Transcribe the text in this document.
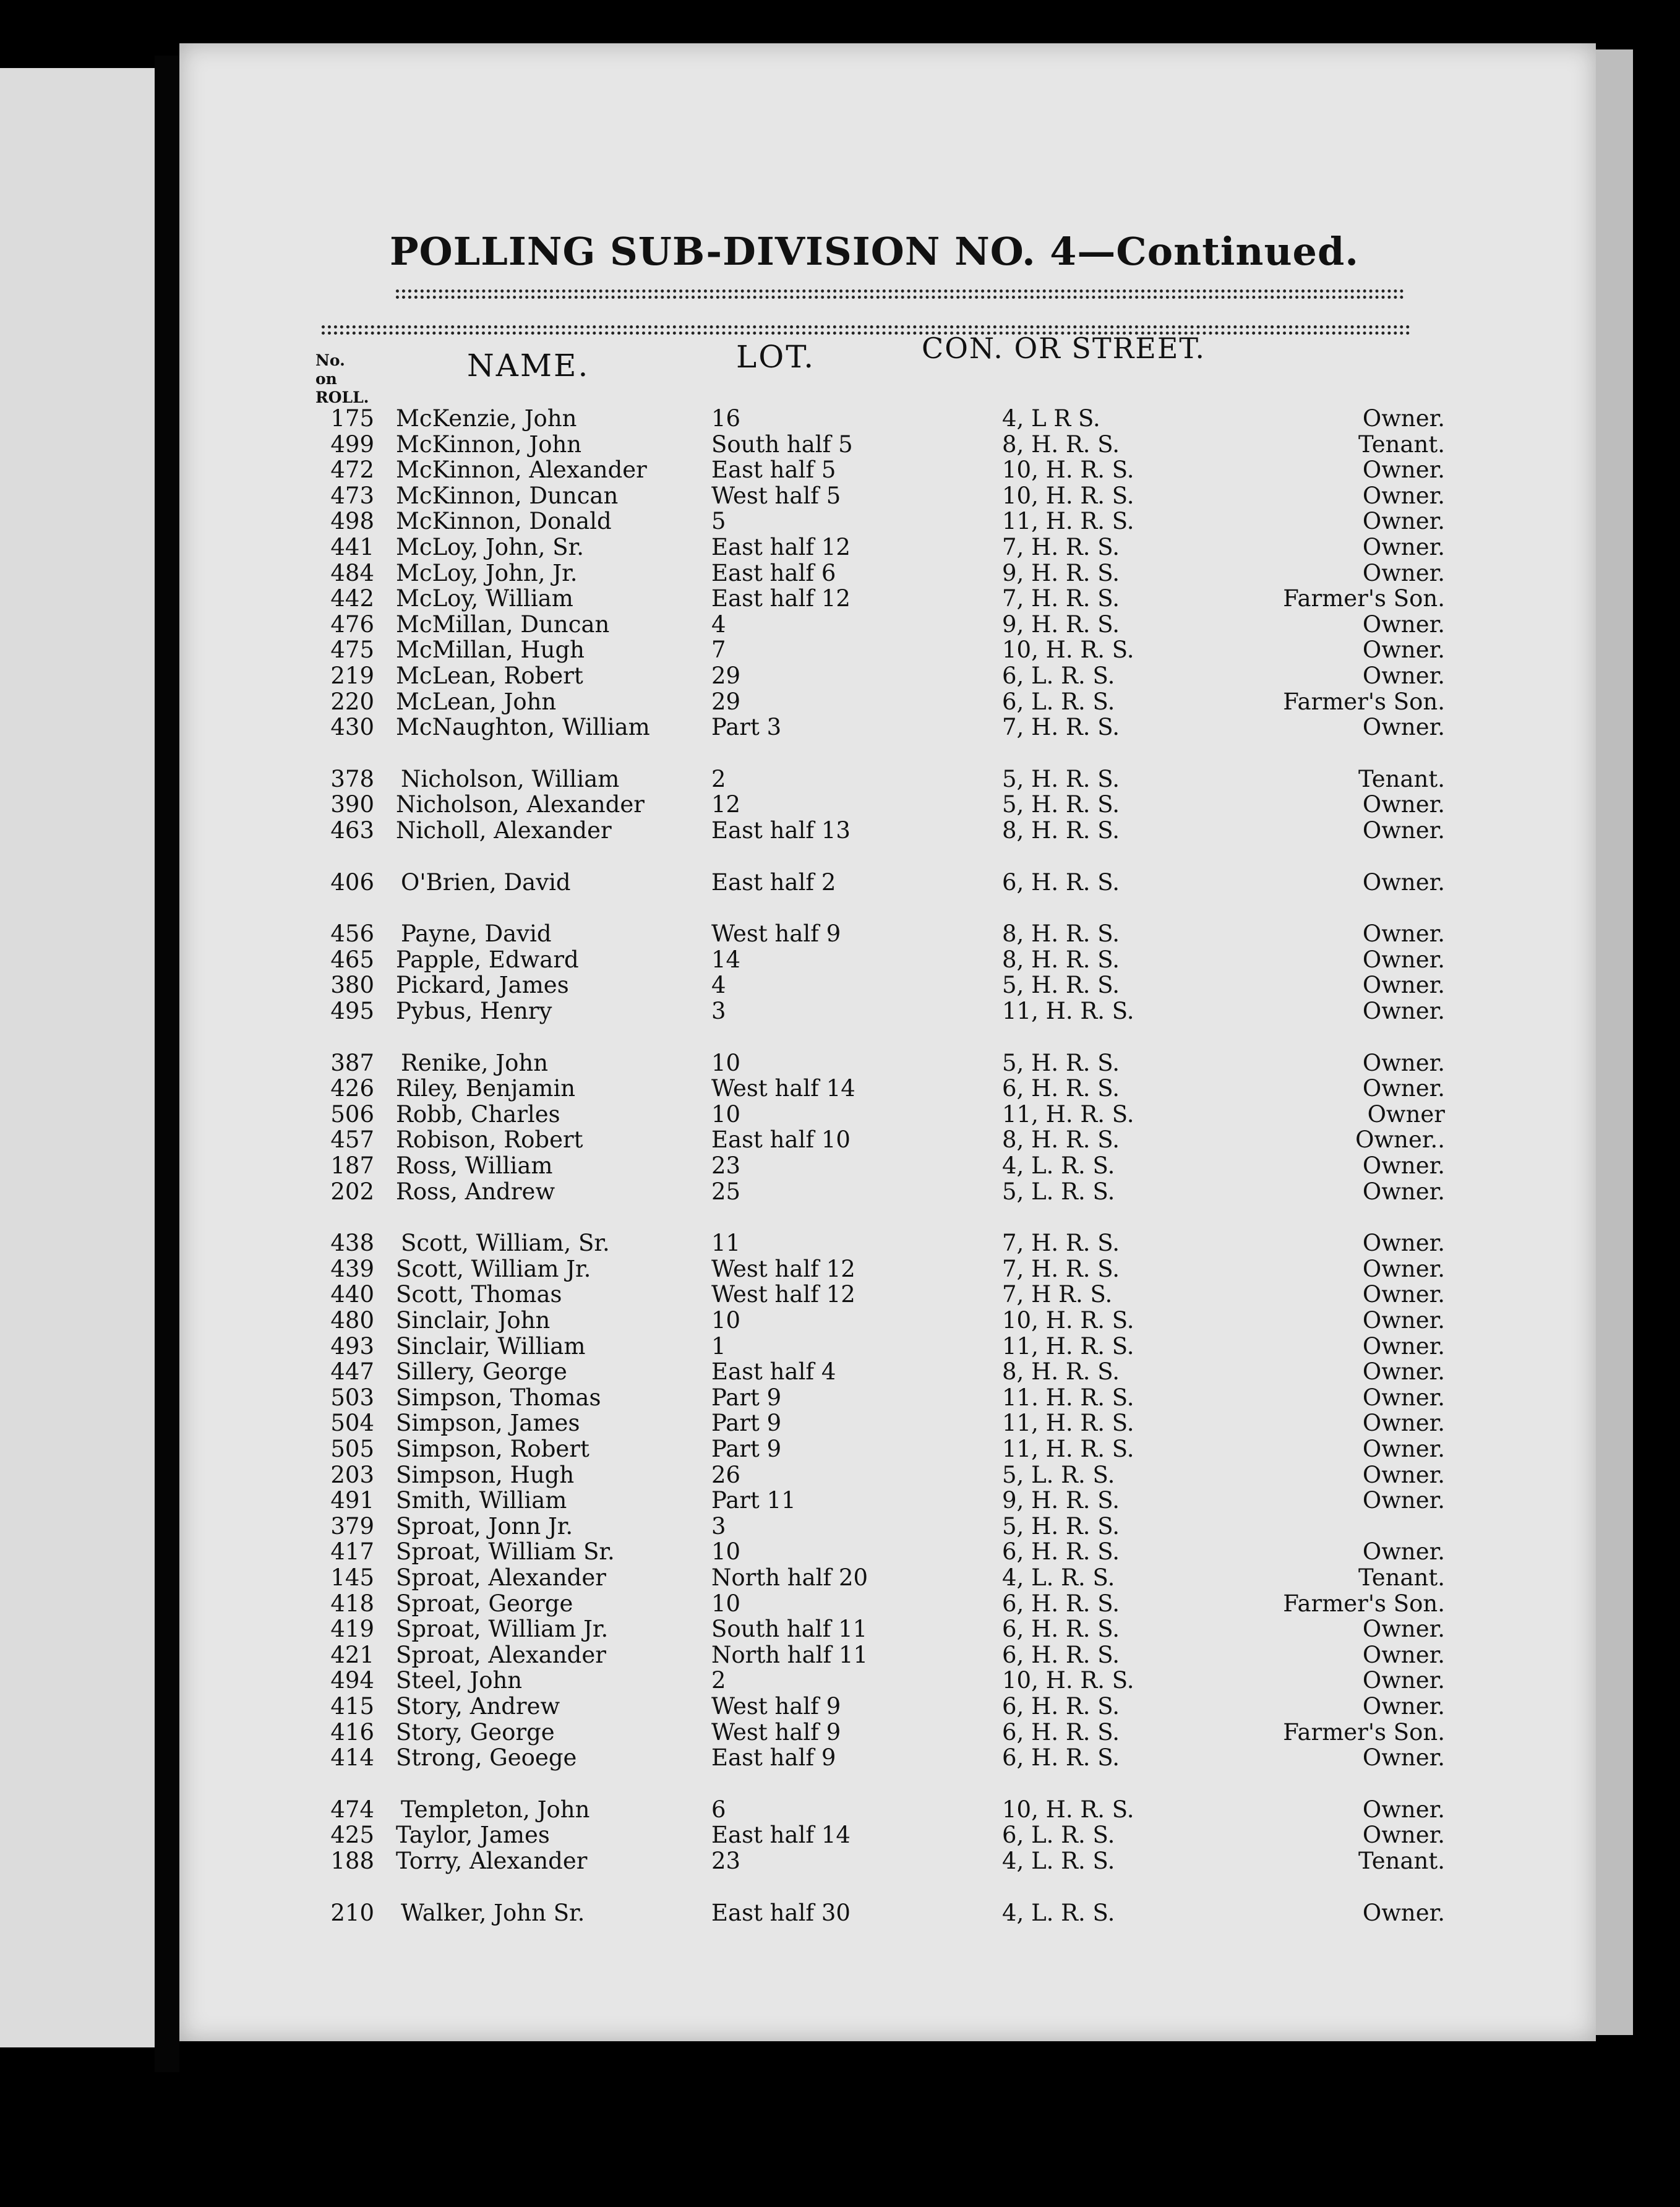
POLLING SUB-DIVISION NO. 4—Continued.
No. on ROLL.
NAME.	LOT.	CON. OR STREET.
175 McKenzie, John	16	4, L R S.	Owner.
499 McKinnon, John	South half 5	8, H. R. S.	Tenant.
472 McKinnon, Alexander	East half 5	10, H. R. S.	Owner.
473 McKinnon, Duncan	West half 5	10, H. R. S.	Owner.
498 McKinnon, Donald	5	11, H. R. S.	Owner.
441 McLoy, John, Sr.	East half 12	7, H. R. S.	Owner.
484 McLoy, John, Jr.	East half 6	9, H. R. S.	Owner.
442 McLoy, William	East half 12	7, H. R. S.	Farmer's Son.
476 McMillan, Duncan	4	9, H. R. S.	Owner.
475 McMillan, Hugh	7	10, H. R. S.	Owner.
219 McLean, Robert	29	6, L. R. S.	Owner.
220 McLean, John	29	6, L. R. S.	Farmer's Son.
430 McNaughton, William	Part 3	7, H. R. S.	Owner.
378 Nicholson, William	2	5, H. R. S.	Tenant.
390 Nicholson, Alexander	12	5, H. R. S.	Owner.
463 Nicholl, Alexander	East half 13	8, H. R. S.	Owner.
406 O'Brien, David	East half 2	6, H. R. S.	Owner.
456 Payne, David	West half 9	8, H. R. S.	Owner.
465 Papple, Edward	14	8, H. R. S.	Owner.
380 Pickard, James	4	5, H. R. S.	Owner.
495 Pybus, Henry	3	11, H. R. S.	Owner.
387 Renike, John	10	5, H. R. S.	Owner.
426 Riley, Benjamin	West half 14	6, H. R. S.	Owner.
506 Robb, Charles	10	11, H. R. S.	Owner
457 Robison, Robert	East half 10	8, H. R. S.	Owner..
187 Ross, William	23	4, L. R. S.	Owner.
202 Ross, Andrew	25	5, L. R. S.	Owner.
438 Scott, William, Sr.	11	7, H. R. S.	Owner.
439 Scott, William Jr.	West half 12	7, H. R. S.	Owner.
440 Scott, Thomas	West half 12	7, H R. S.	Owner.
480 Sinclair, John	10	10, H. R. S.	Owner.
493 Sinclair, William	1	11, H. R. S.	Owner.
447 Sillery, George	East half 4	8, H. R. S.	Owner.
503 Simpson, Thomas	Part 9	11. H. R. S.	Owner.
504 Simpson, James	Part 9	11, H. R. S.	Owner.
505 Simpson, Robert	Part 9	11, H. R. S.	Owner.
203 Simpson, Hugh	26	5, L. R. S.	Owner.
491 Smith, William	Part 11	9, H. R. S.	Owner.
379 Sproat, Jonn Jr.	3	5, H. R. S.
417 Sproat, William Sr.	10	6, H. R. S.	Owner.
145 Sproat, Alexander	North half 20	4, L. R. S.	Tenant.
418 Sproat, George	10	6, H. R. S.	Farmer's Son.
419 Sproat, William Jr.	South half 11	6, H. R. S.	Owner.
421 Sproat, Alexander	North half 11	6, H. R. S.	Owner.
494 Steel, John	2	10, H. R. S.	Owner.
415 Story, Andrew	West half 9	6, H. R. S.	Owner.
416 Story, George	West half 9	6, H. R. S.	Farmer's Son.
414 Strong, Geoege	East half 9	6, H. R. S.	Owner.
474 Templeton, John	6	10, H. R. S.	Owner.
425 Taylor, James	East half 14	6, L. R. S.	Owner.
188 Torry, Alexander	23	4, L. R. S.	Tenant.
210 Walker, John Sr.	East half 30	4, L. R. S.	Owner.
